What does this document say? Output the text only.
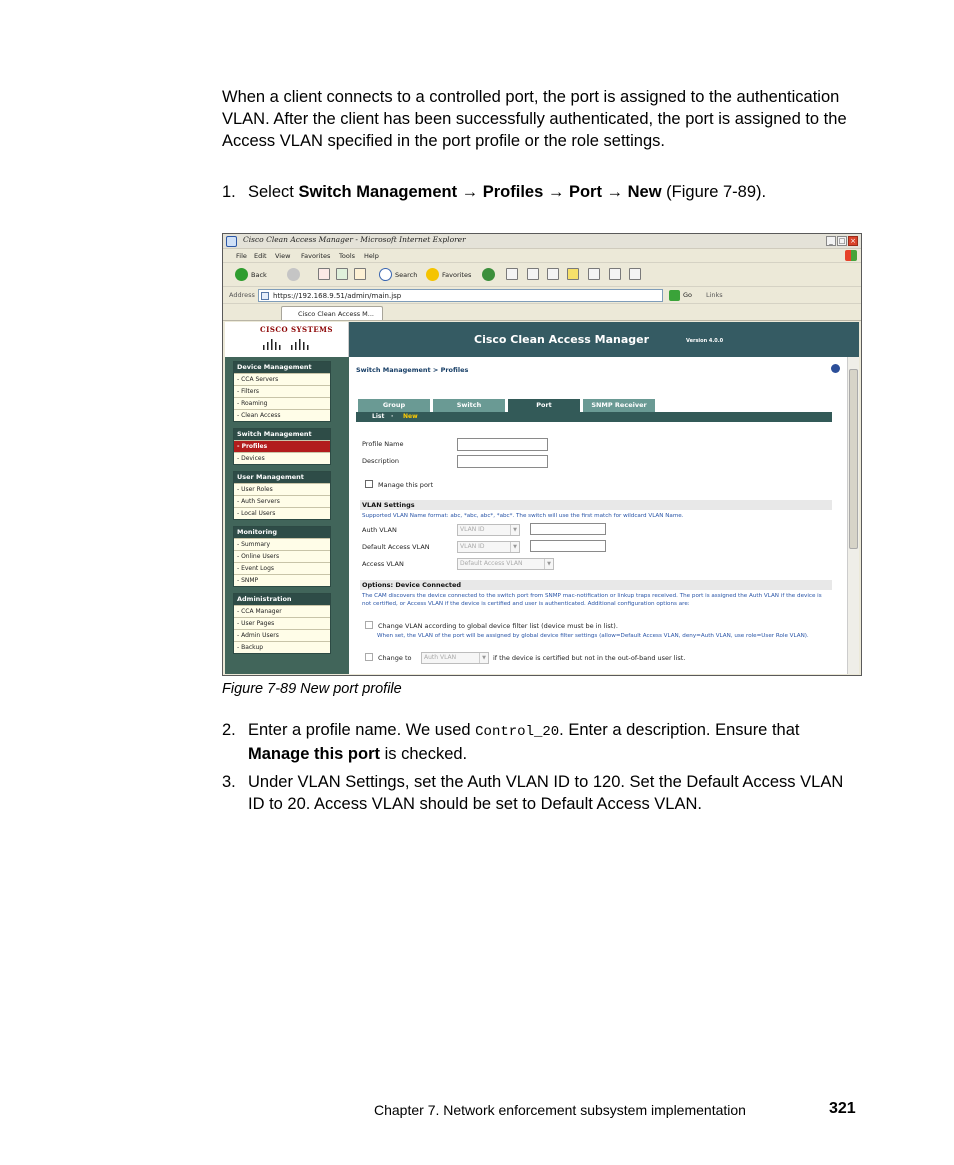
When a client connects to a controlled port, the port is assigned to the authentication VLAN. After the client has been successfully authenticated, the port is assigned to the Access VLAN specified in the port profile or the role settings.
1. Select Switch Management → Profiles → Port → New (Figure 7-89).
Cisco Clean Access Manager - Microsoft Internet Explorer	_ □ ×
File Edit View Favorites Tools Help
Back	Search	Favorites
Address	https://192.168.9.51/admin/main.jsp	Go Links
Cisco Clean Access M...
CISCO SYSTEMS
Cisco Clean Access Manager	Version 4.0.0
Device Management
- CCA Servers
- Filters
- Roaming
- Clean Access
Switch Management
- Profiles
- Devices
User Management
- User Roles
- Auth Servers
- Local Users
Monitoring
- Summary
- Online Users
- Event Logs
- SNMP
Administration
- CCA Manager
- User Pages
- Admin Users
- Backup
Switch Management > Profiles
Group	Switch	Port	SNMP Receiver
List · New
Profile Name
Description
Manage this port
VLAN Settings
Supported VLAN Name format: abc, *abc, abc*, *abc*. The switch will use the first match for wildcard VLAN Name.
Auth VLAN	VLAN ID	▼
Default Access VLAN	VLAN ID	▼
Access VLAN	Default Access VLAN	▼
Options: Device Connected
The CAM discovers the device connected to the switch port from SNMP mac-notification or linkup traps received. The port is assigned the Auth VLAN if the device is not certified, or Access VLAN if the device is certified and user is authenticated. Additional configuration options are:
Change VLAN according to global device filter list (device must be in list).
When set, the VLAN of the port will be assigned by global device filter settings (allow=Default Access VLAN, deny=Auth VLAN, use role=User Role VLAN).
Change to	Auth VLAN	▼	if the device is certified but not in the out-of-band user list.
Figure 7-89 New port profile
2. Enter a profile name. We used Control_20. Enter a description. Ensure that Manage this port is checked.
3. Under VLAN Settings, set the Auth VLAN ID to 120. Set the Default Access VLAN ID to 20. Access VLAN should be set to Default Access VLAN.
Chapter 7. Network enforcement subsystem implementation	321
